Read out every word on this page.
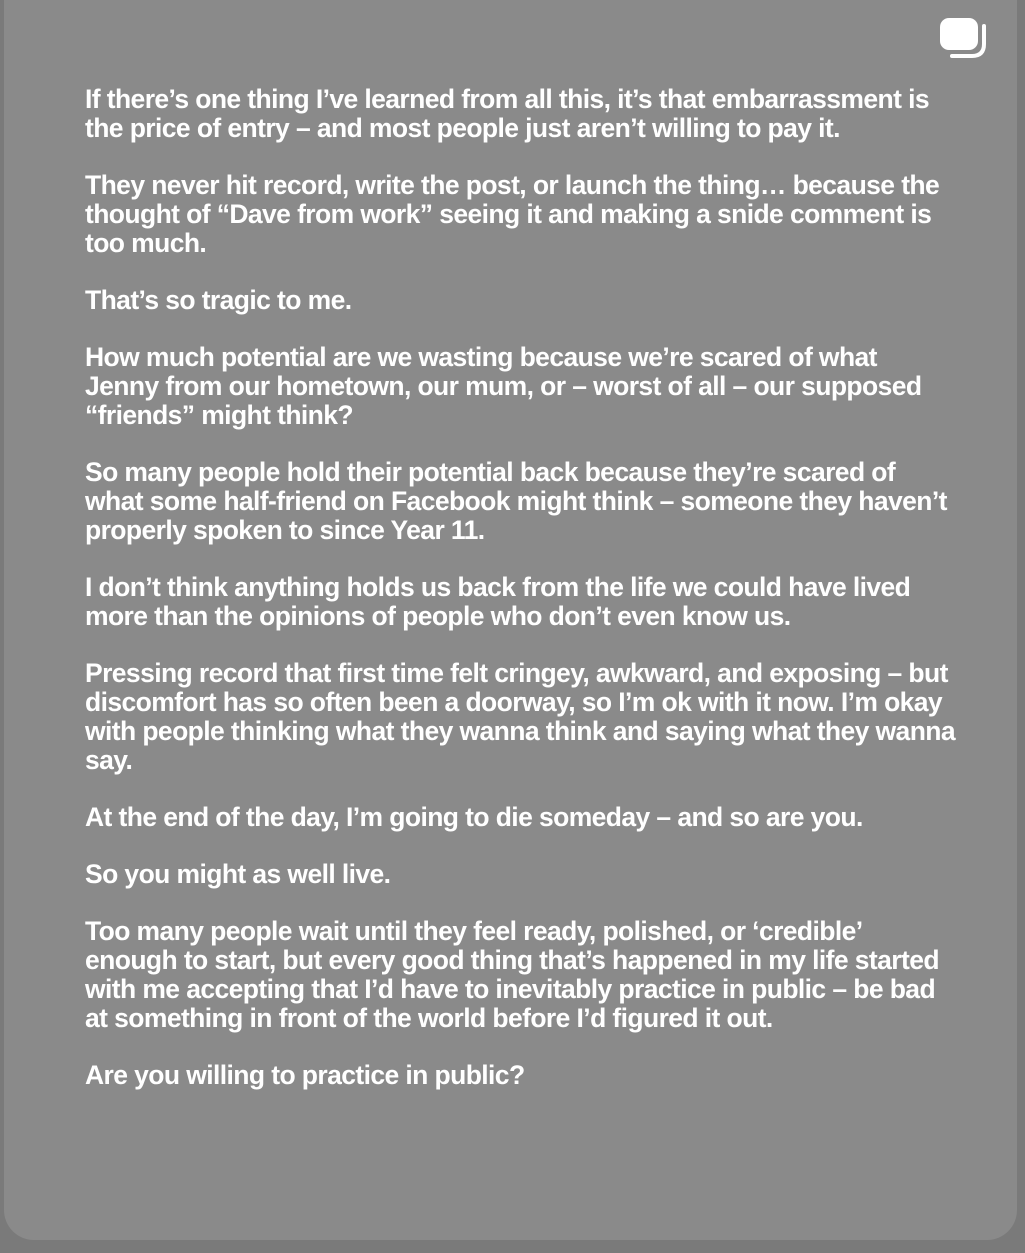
If there’s one thing I’ve learned from all this, it’s that embarrassment is the price of entry – and most people just aren’t willing to pay it.

They never hit record, write the post, or launch the thing… because the thought of “Dave from work” seeing it and making a snide comment is too much.

That’s so tragic to me.

How much potential are we wasting because we’re scared of what Jenny from our hometown, our mum, or – worst of all – our supposed “friends” might think?

So many people hold their potential back because they’re scared of what some half-friend on Facebook might think – someone they haven’t properly spoken to since Year 11.

I don’t think anything holds us back from the life we could have lived more than the opinions of people who don’t even know us.

Pressing record that first time felt cringey, awkward, and exposing – but discomfort has so often been a doorway, so I’m ok with it now. I’m okay with people thinking what they wanna think and saying what they wanna say.

At the end of the day, I’m going to die someday – and so are you.

So you might as well live.

Too many people wait until they feel ready, polished, or ‘credible’ enough to start, but every good thing that’s happened in my life started with me accepting that I’d have to inevitably practice in public – be bad at something in front of the world before I’d figured it out.

Are you willing to practice in public?
